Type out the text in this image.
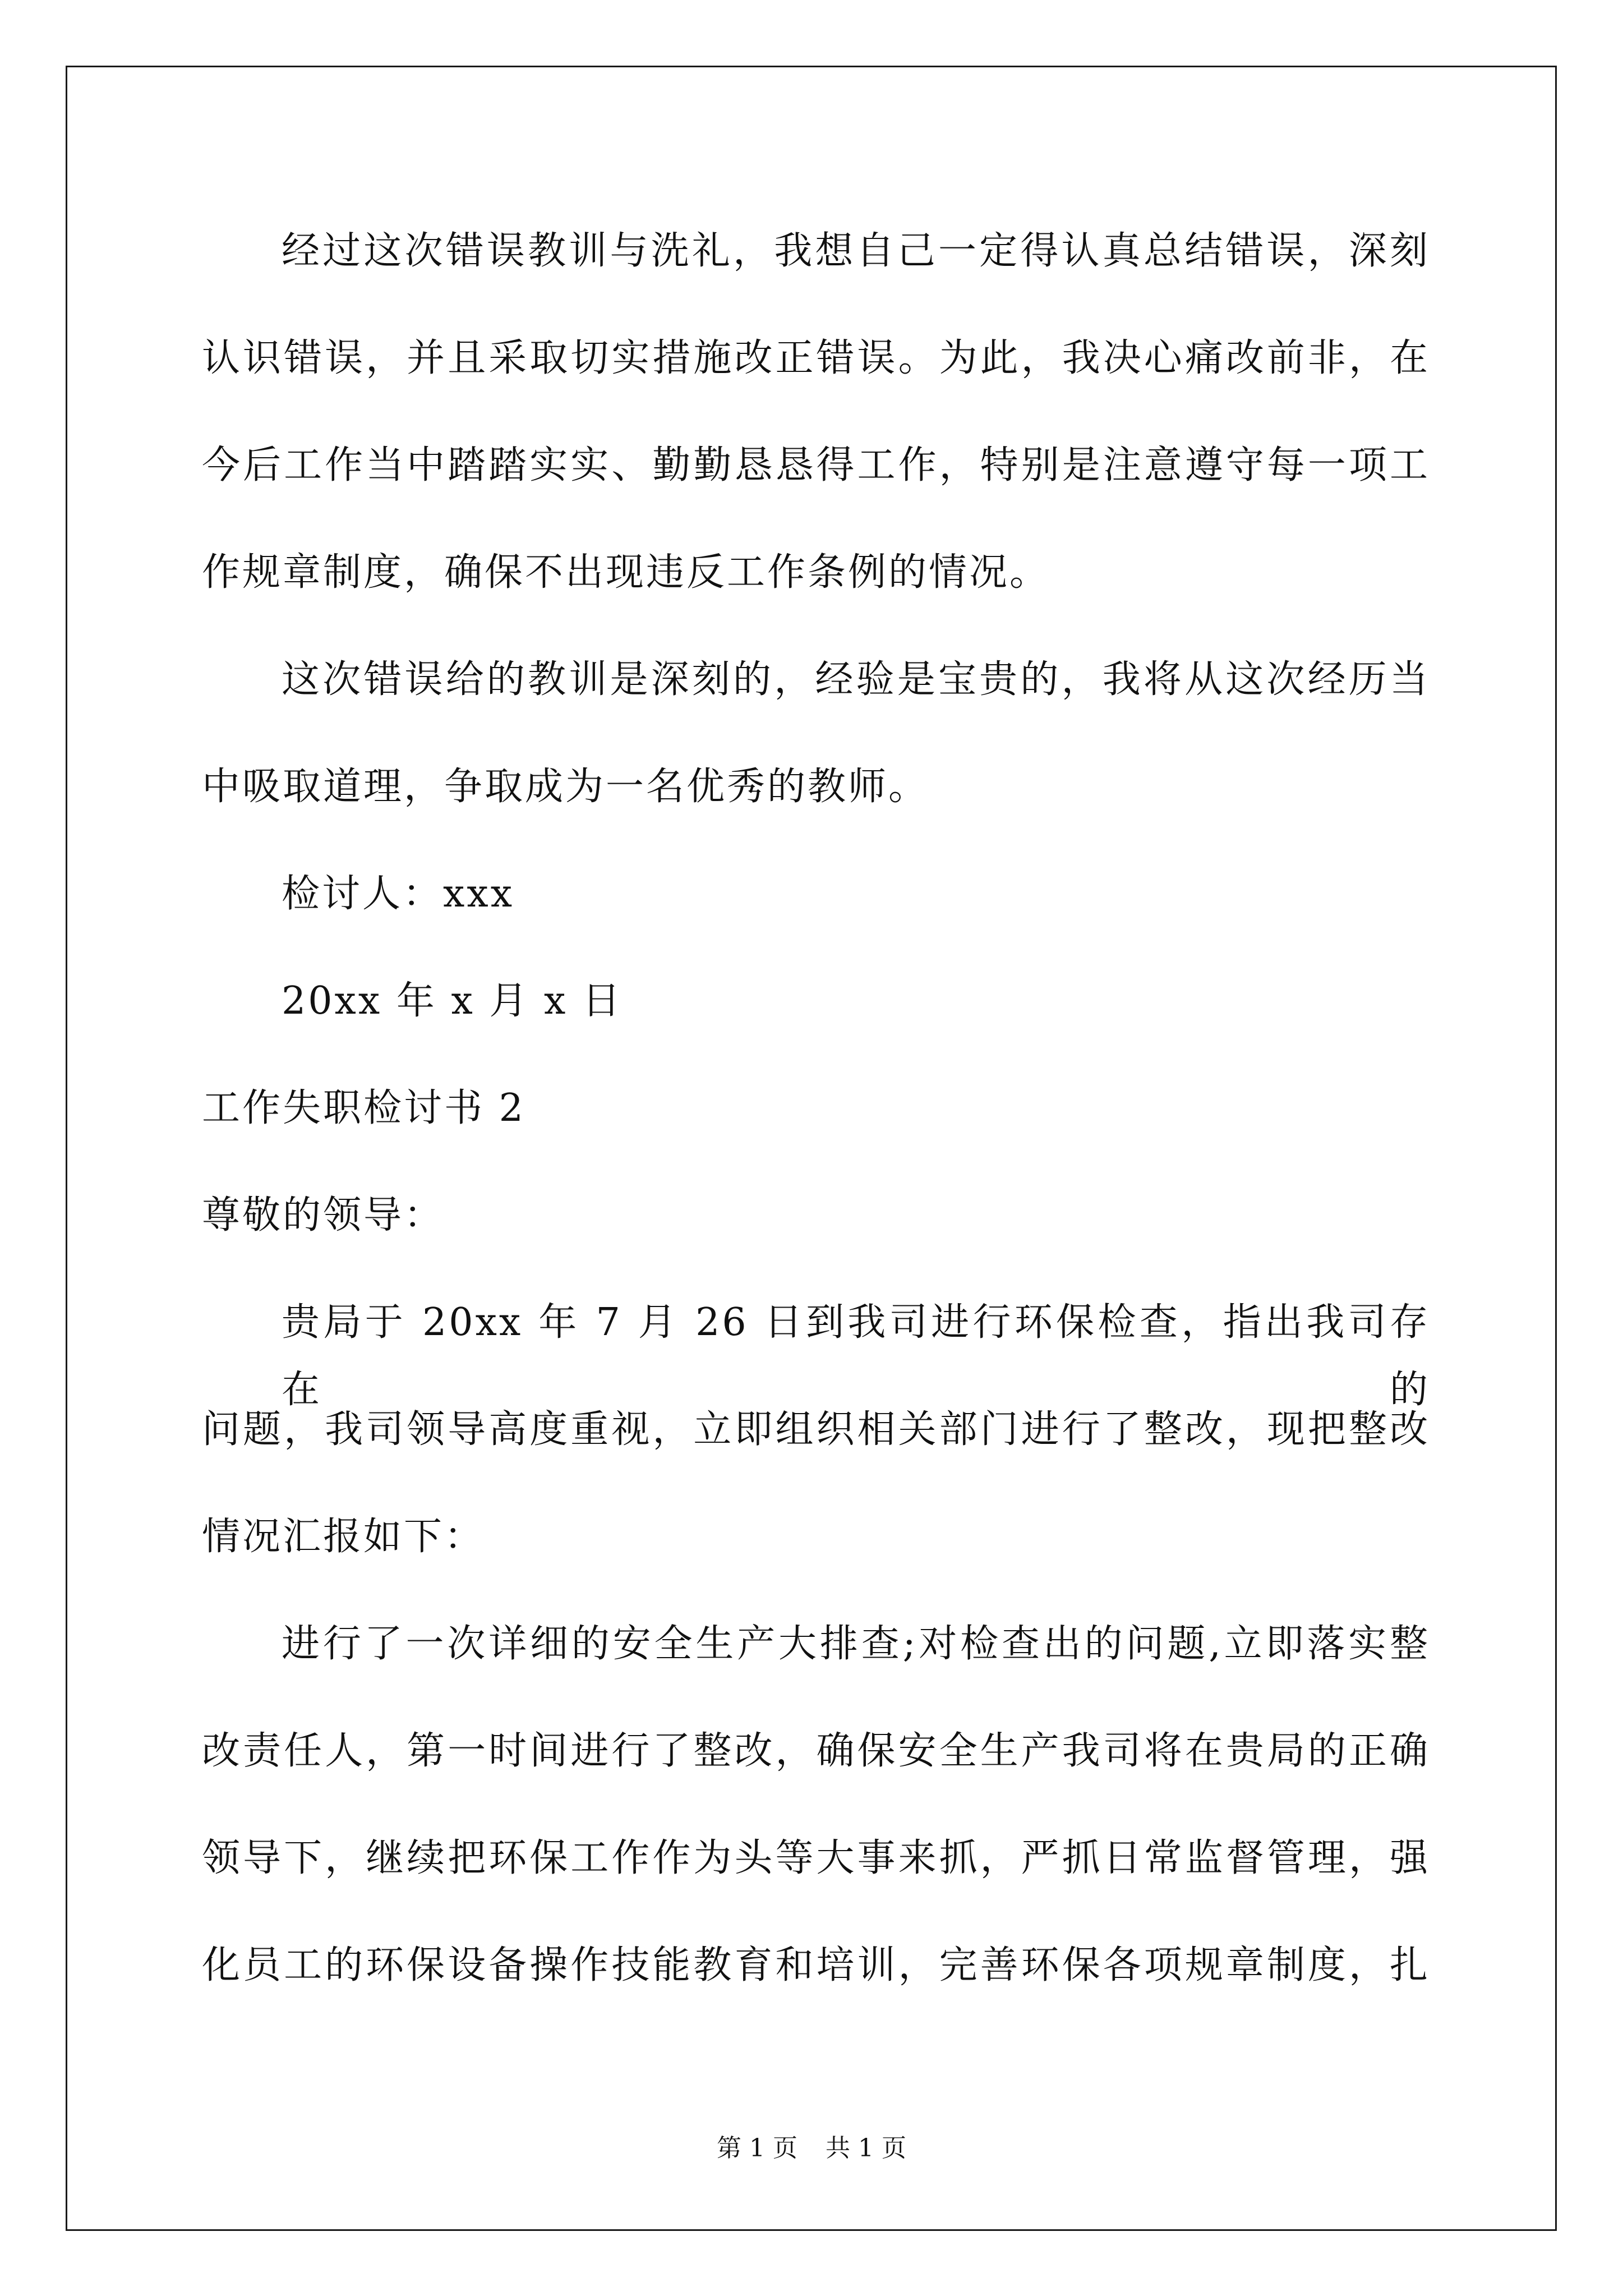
经过这次错误教训与洗礼，我想自己一定得认真总结错误，深刻
认识错误，并且采取切实措施改正错误。为此，我决心痛改前非，在
今后工作当中踏踏实实、勤勤恳恳得工作，特别是注意遵守每一项工
作规章制度，确保不出现违反工作条例的情况。
这次错误给的教训是深刻的，经验是宝贵的，我将从这次经历当
中吸取道理，争取成为一名优秀的教师。
检讨人：xxx
20xx 年 x 月 x 日
工作失职检讨书 2
尊敬的领导：
贵局于 20xx 年 7 月 26 日到我司进行环保检查，指出我司存在的
问题，我司领导高度重视，立即组织相关部门进行了整改，现把整改
情况汇报如下：
进行了一次详细的安全生产大排查;对检查出的问题,立即落实整
改责任人，第一时间进行了整改，确保安全生产我司将在贵局的正确
领导下，继续把环保工作作为头等大事来抓，严抓日常监督管理，强
化员工的环保设备操作技能教育和培训，完善环保各项规章制度，扎
第 1 页 共 1 页
